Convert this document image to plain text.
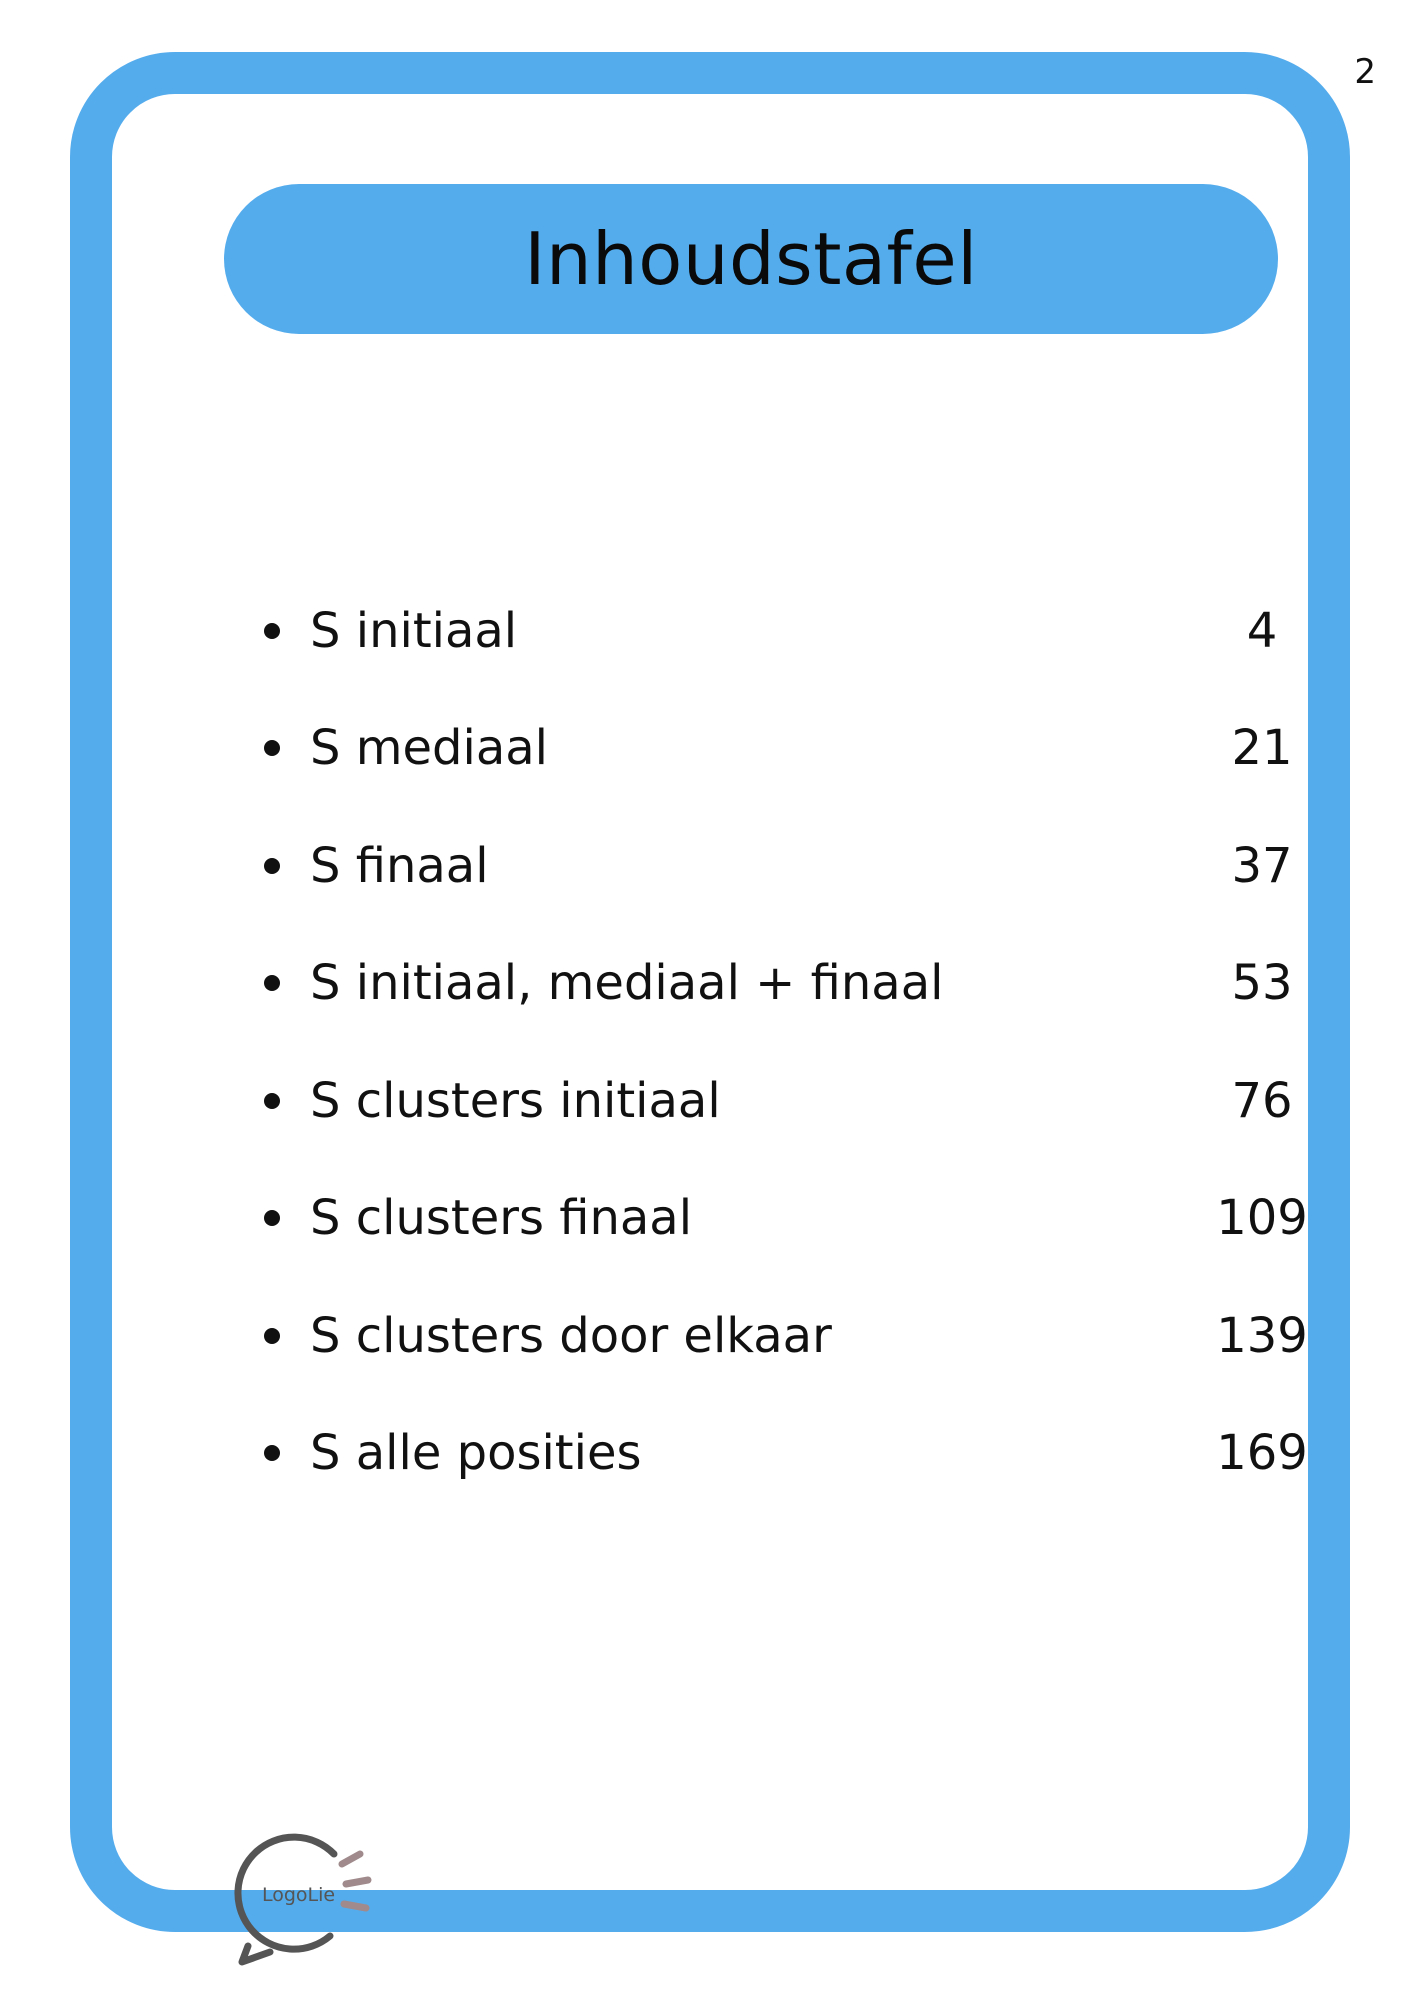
2
Inhoudstafel
S initiaal	4
S mediaal	21
S finaal	37
S initiaal, mediaal + finaal	53
S clusters initiaal	76
S clusters finaal	109
S clusters door elkaar	139
S alle posities	169
LogoLie
